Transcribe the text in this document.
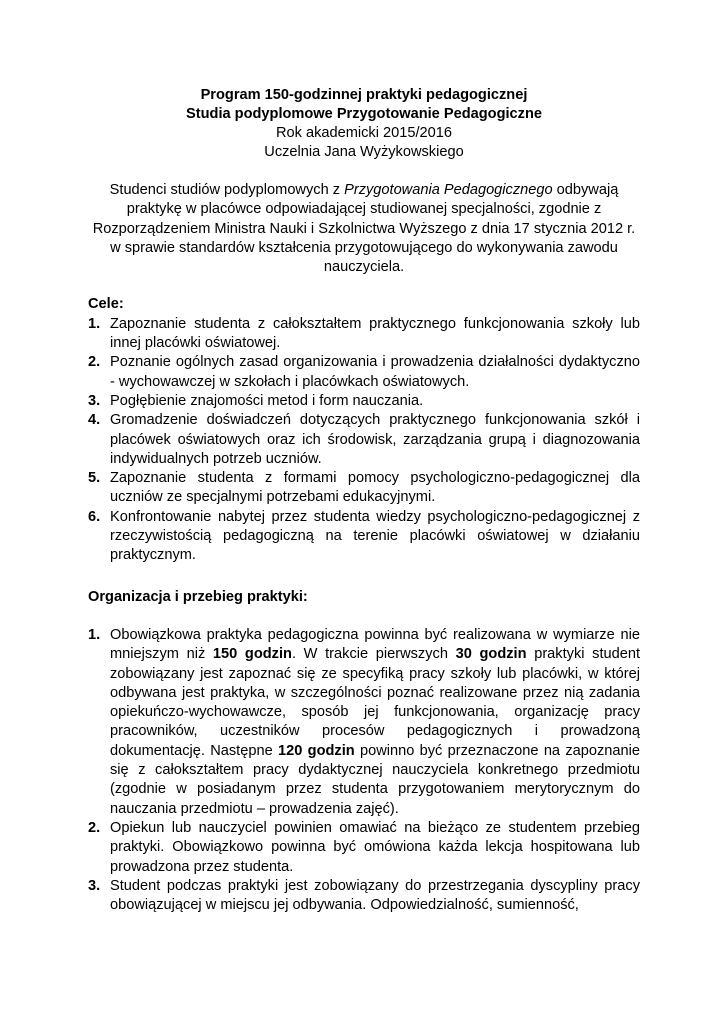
Program 150-godzinnej praktyki pedagogicznej
Studia podyplomowe Przygotowanie Pedagogiczne
Rok akademicki 2015/2016
Uczelnia Jana Wyżykowskiego
Studenci studiów podyplomowych z Przygotowania Pedagogicznego odbywają praktykę w placówce odpowiadającej studiowanej specjalności, zgodnie z Rozporządzeniem Ministra Nauki i Szkolnictwa Wyższego z dnia 17 stycznia 2012 r. w sprawie standardów kształcenia przygotowującego do wykonywania zawodu nauczyciela.
Cele:
1. Zapoznanie studenta z całokształtem praktycznego funkcjonowania szkoły lub innej placówki oświatowej.
2. Poznanie ogólnych zasad organizowania i prowadzenia działalności dydaktyczno - wychowawczej w szkołach i placówkach oświatowych.
3. Pogłębienie znajomości metod i form nauczania.
4. Gromadzenie doświadczeń dotyczących praktycznego funkcjonowania szkół i placówek oświatowych oraz ich środowisk, zarządzania grupą i diagnozowania indywidualnych potrzeb uczniów.
5. Zapoznanie studenta z formami pomocy psychologiczno-pedagogicznej dla uczniów ze specjalnymi potrzebami edukacyjnymi.
6. Konfrontowanie nabytej przez studenta wiedzy psychologiczno-pedagogicznej z rzeczywistością pedagogiczną na terenie placówki oświatowej w działaniu praktycznym.
Organizacja i przebieg praktyki:
1. Obowiązkowa praktyka pedagogiczna powinna być realizowana w wymiarze nie mniejszym niż 150 godzin. W trakcie pierwszych 30 godzin praktyki student zobowiązany jest zapoznać się ze specyfiką pracy szkoły lub placówki, w której odbywana jest praktyka, w szczególności poznać realizowane przez nią zadania opiekuńczo-wychowawcze, sposób jej funkcjonowania, organizację pracy pracowników, uczestników procesów pedagogicznych i prowadzoną dokumentację. Następne 120 godzin powinno być przeznaczone na zapoznanie się z całokształtem pracy dydaktycznej nauczyciela konkretnego przedmiotu (zgodnie w posiadanym przez studenta przygotowaniem merytorycznym do nauczania przedmiotu – prowadzenia zajęć).
2. Opiekun lub nauczyciel powinien omawiać na bieżąco ze studentem przebieg praktyki. Obowiązkowo powinna być omówiona każda lekcja hospitowana lub prowadzona przez studenta.
3. Student podczas praktyki jest zobowiązany do przestrzegania dyscypliny pracy obowiązującej w miejscu jej odbywania. Odpowiedzialność, sumienność,
